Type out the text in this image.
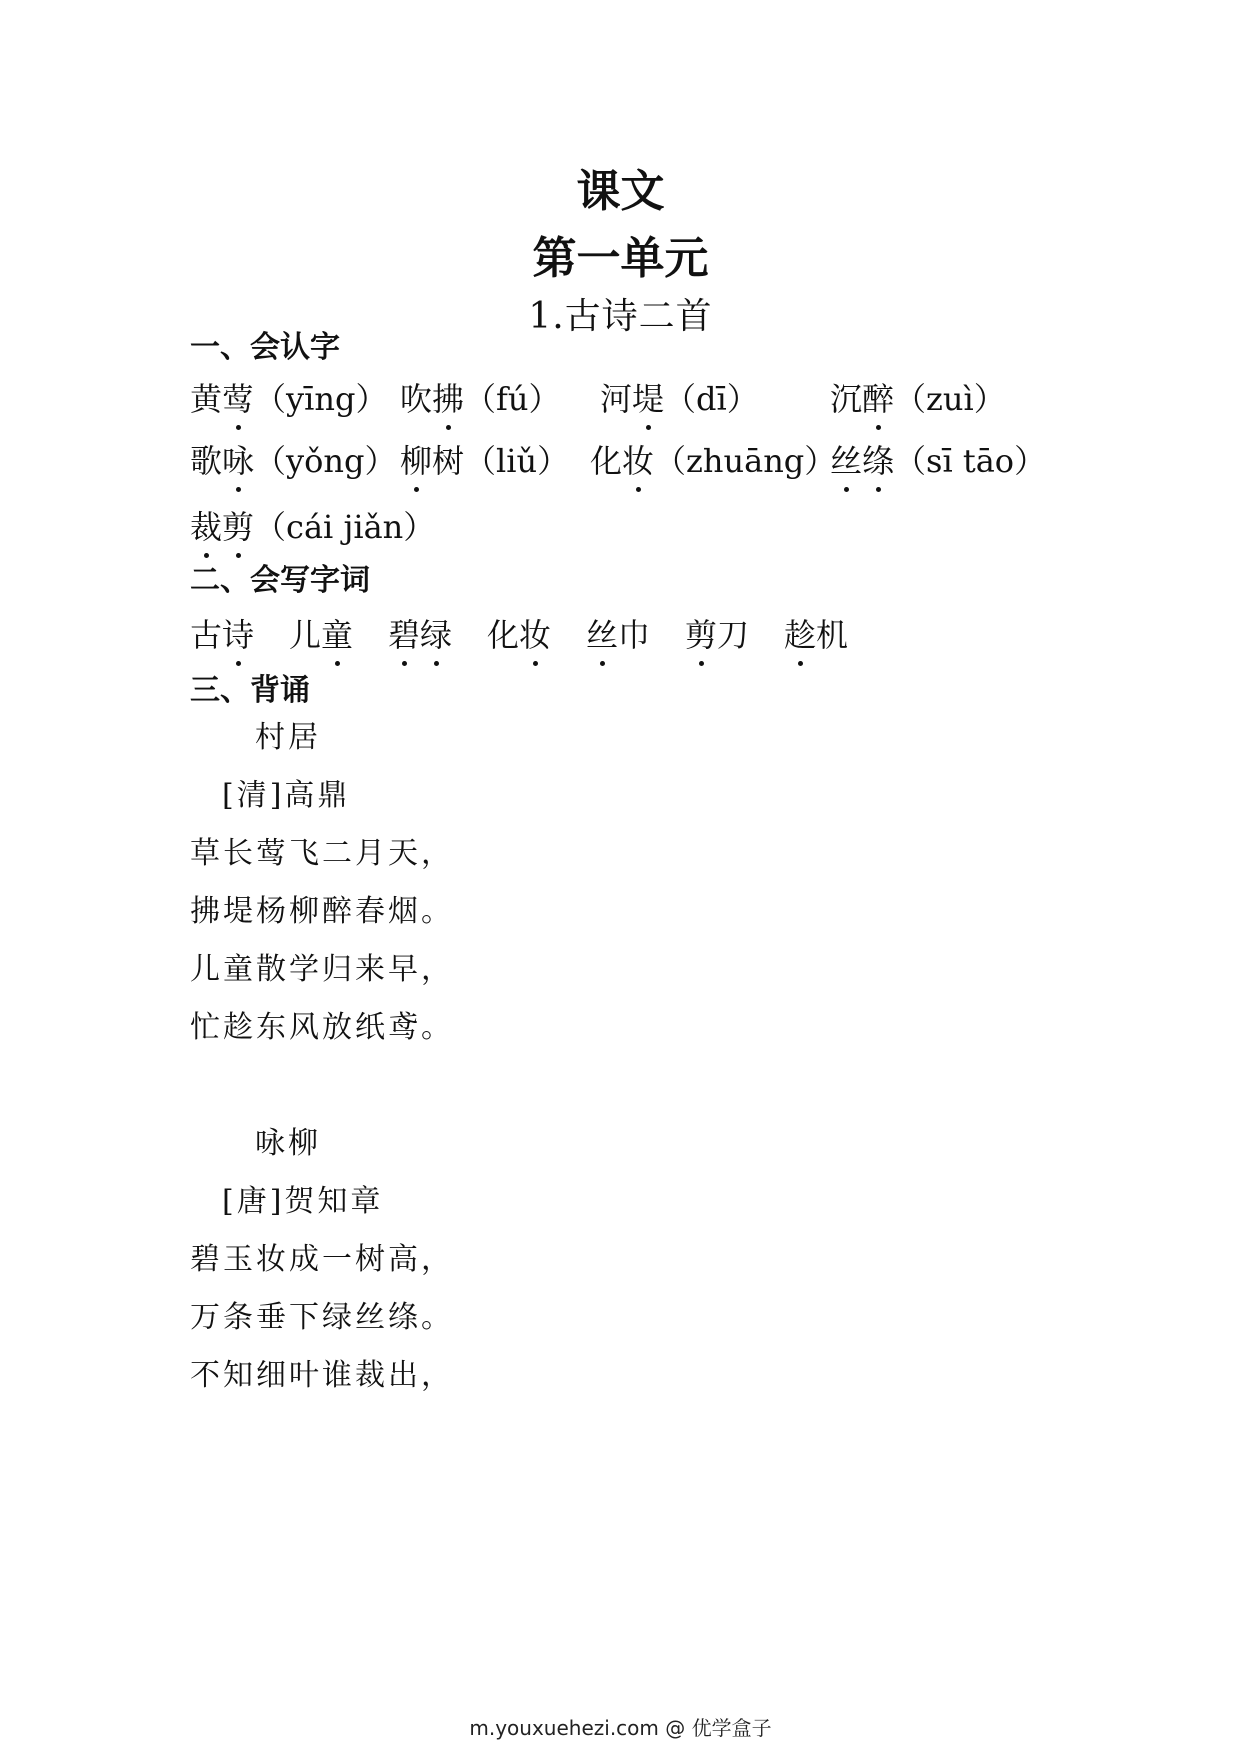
课文
第一单元
1.古诗二首
一、会认字
黄莺（yīng） 吹拂（fú） 河堤（dī） 沉醉（zuì）
歌咏（yǒng） 柳树（liǔ） 化妆（zhuāng）
丝绦（sī tāo）
裁剪（cái jiǎn）
二、会写字词
古诗 儿童 碧绿 化妆 丝巾 剪刀 趁机
三、背诵
村居
[清]高鼎
草长莺飞二月天，
拂堤杨柳醉春烟。
儿童散学归来早，
忙趁东风放纸鸢。
咏柳
[唐]贺知章
碧玉妆成一树高，
万条垂下绿丝绦。
不知细叶谁裁出，
m.youxuehezi.com @ 优学盒子
